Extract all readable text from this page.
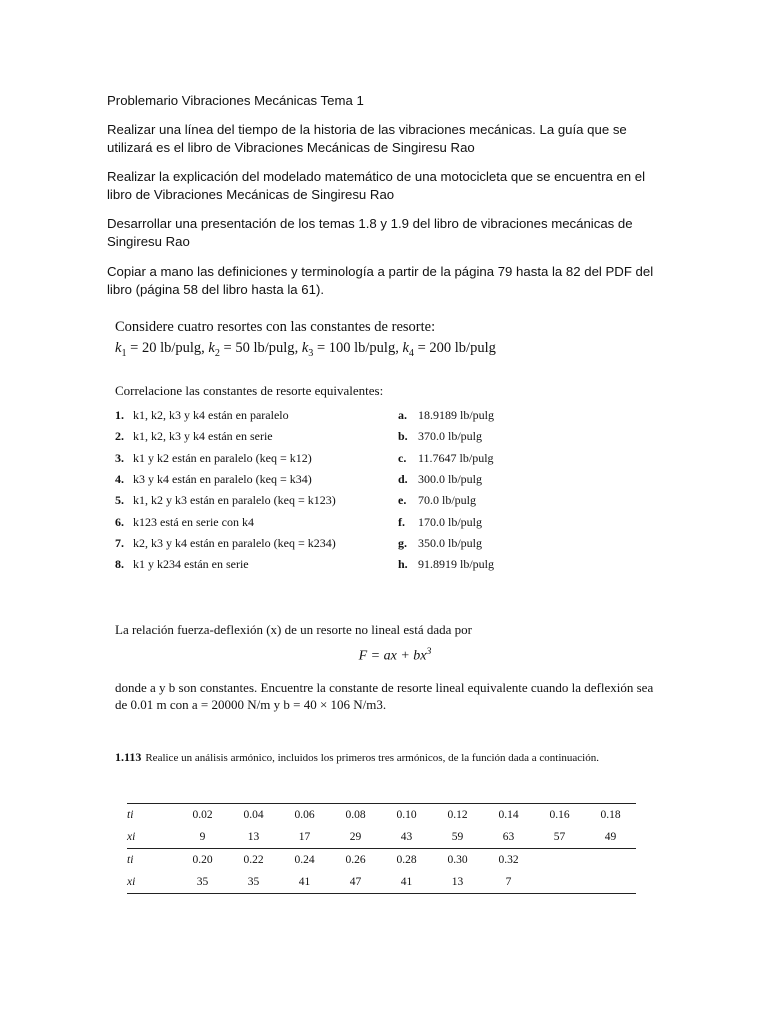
Problemario Vibraciones Mecánicas Tema 1
Realizar una línea del tiempo de la historia de las vibraciones mecánicas. La guía que se utilizará es el libro de Vibraciones Mecánicas de Singiresu Rao
Realizar la explicación del modelado matemático de una motocicleta que se encuentra en el libro de Vibraciones Mecánicas de Singiresu Rao
Desarrollar una presentación de los temas 1.8 y 1.9 del libro de vibraciones mecánicas de Singiresu Rao
Copiar a mano las definiciones y terminología a partir de la página 79 hasta la 82 del PDF del libro (página 58 del libro hasta la 61).
Considere cuatro resortes con las constantes de resorte:
$k_1 = 20$ lb/pulg, $k_2 = 50$ lb/pulg, $k_3 = 100$ lb/pulg, $k_4 = 200$ lb/pulg
Correlacione las constantes de resorte equivalentes:
1. k1, k2, k3 y k4 están en paralelo	a. 18.9189 lb/pulg
2. k1, k2, k3 y k4 están en serie	b. 370.0 lb/pulg
3. k1 y k2 están en paralelo (keq = k12)	c. 11.7647 lb/pulg
4. k3 y k4 están en paralelo (keq = k34)	d. 300.0 lb/pulg
5. k1, k2 y k3 están en paralelo (keq = k123)	e. 70.0 lb/pulg
6. k123 está en serie con k4	f.	170.0 lb/pulg
7. k2, k3 y k4 están en paralelo (keq = k234)	g. 350.0 lb/pulg
8. k1 y k234 están en serie	h. 91.8919 lb/pulg
La relación fuerza-deflexión (x) de un resorte no lineal está dada por
F = ax + $bx^3$
donde a y b son constantes. Encuentre la constante de resorte lineal equivalente cuando la deflexión sea
de 0.01 m con a = 20000 N/m y b = 40 × 106 N/m3.
1.113 Realice un análisis armónico, incluidos los primeros tres armónicos, de la función dada a continuación.
ti	0.02	0.04	0.06	0.08	0.10	0.12	0.14	0.16	0.18
xi	9	13	17	29	43	59	63	57	49
ti	0.20	0.22	0.24	0.26	0.28	0.30	0.32		
xi	35	35	41	47	41	13	7		
